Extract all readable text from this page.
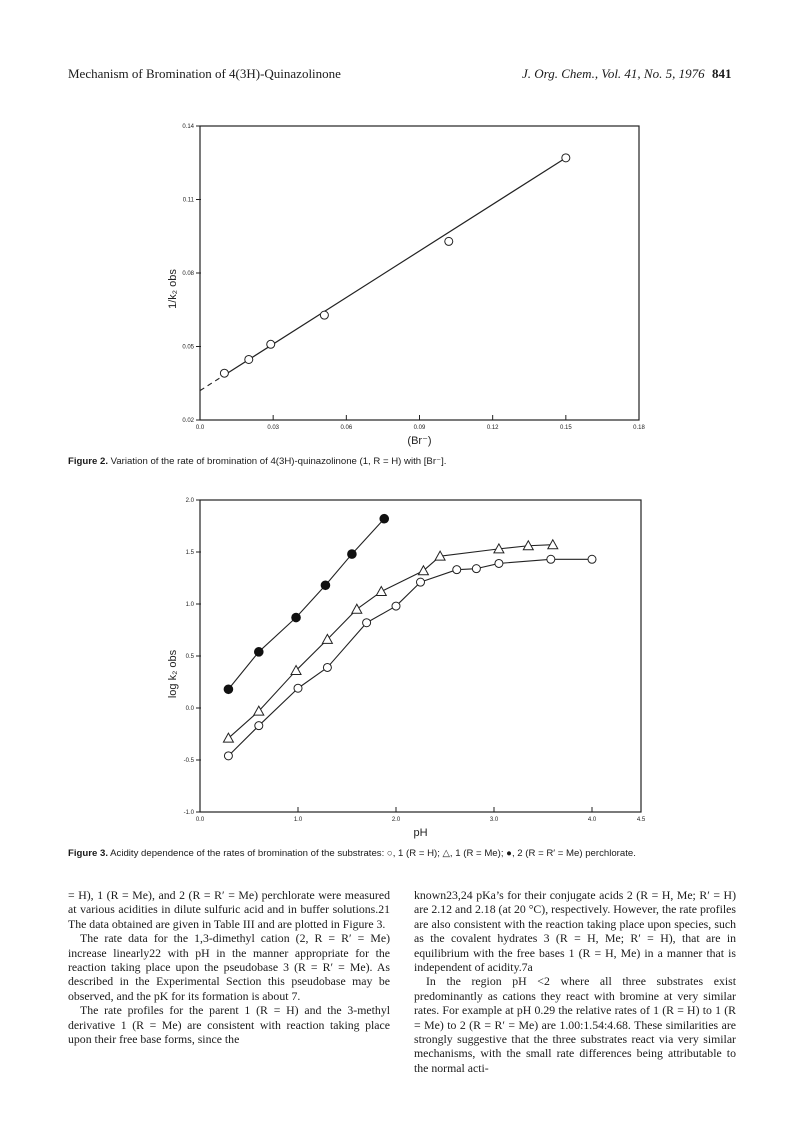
Mechanism of Bromination of 4(3H)-Quinazolinone	J. Org. Chem., Vol. 41, No. 5, 1976 841
0.0	0.03	0.06	0.09	0.12	0.15	0.18
0.02
0.05
0.08
0.11
0.14
(Br⁻)
1/k₂ obs
Figure 2. Variation of the rate of bromination of 4(3H)-quinazolinone (1, R = H) with [Br⁻].
0.0	1.0	2.0	3.0	4.0	4.5
-1.0
-0.5
0.0
0.5
1.0
1.5
2.0
pH
log k₂ obs
Figure 3. Acidity dependence of the rates of bromination of the substrates: ○, 1 (R = H); △, 1 (R = Me); ●, 2 (R = R′ = Me) perchlorate.

= H), 1 (R = Me), and 2 (R = R′ = Me) perchlorate were measured at various acidities in dilute sulfuric acid and in buffer solutions.21 The data obtained are given in Table III and are plotted in Figure 3.

The rate data for the 1,3-dimethyl cation (2, R = R′ = Me) increase linearly22 with pH in the manner appropriate for the reaction taking place upon the pseudobase 3 (R = R′ = Me). As described in the Experimental Section this pseudobase may be observed, and the pK for its formation is about 7.

The rate profiles for the parent 1 (R = H) and the 3-methyl derivative 1 (R = Me) are consistent with reaction taking place upon their free base forms, since the

known23,24 pKa’s for their conjugate acids 2 (R = H, Me; R′ = H) are 2.12 and 2.18 (at 20 °C), respectively. However, the rate profiles are also consistent with the reaction taking place upon species, such as the covalent hydrates 3 (R = H, Me; R′ = H), that are in equilibrium with the free bases 1 (R = H, Me) in a manner that is independent of acidity.7a

In the region pH <2 where all three substrates exist predominantly as cations they react with bromine at very similar rates. For example at pH 0.29 the relative rates of 1 (R = H) to 1 (R = Me) to 2 (R = R′ = Me) are 1.00:1.54:4.68. These similarities are strongly suggestive that the three substrates react via very similar mechanisms, with the small rate differences being attributable to the normal acti-
